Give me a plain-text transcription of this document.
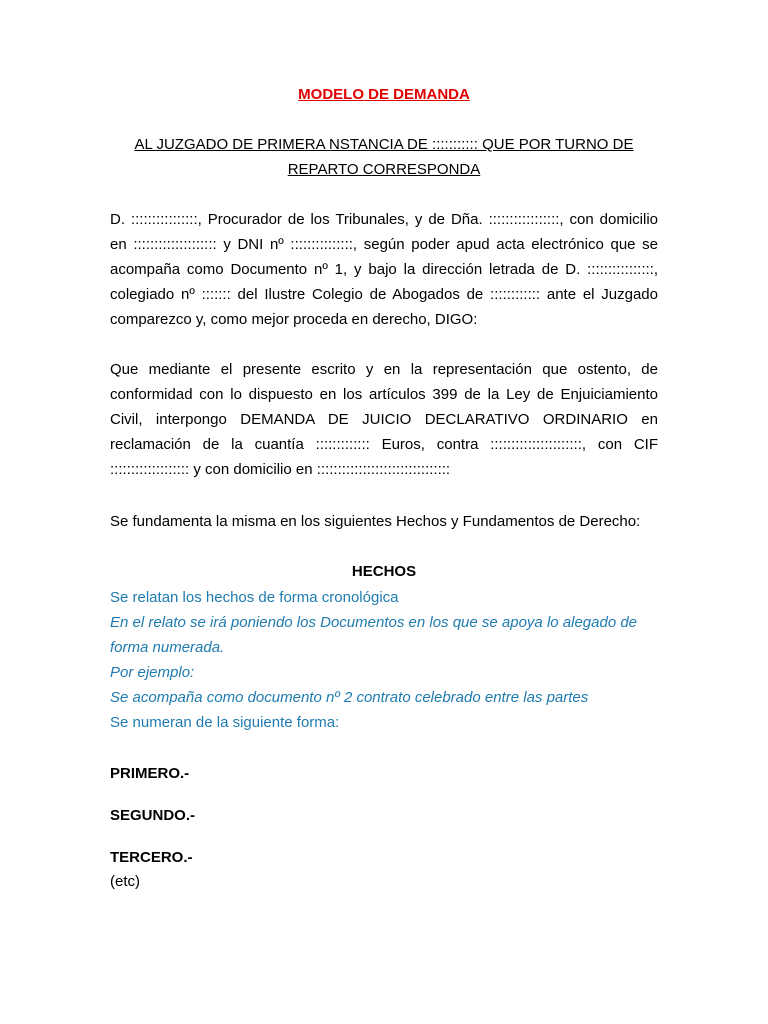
MODELO DE DEMANDA
AL JUZGADO DE PRIMERA NSTANCIA DE ::::::::::: QUE POR TURNO DE REPARTO CORRESPONDA

D. ::::::::::::::::, Procurador de los Tribunales, y de Dña. :::::::::::::::::, con domicilio en :::::::::::::::::::: y DNI nº :::::::::::::::, según poder apud acta electrónico que se acompaña como Documento nº 1, y bajo la dirección letrada de D. ::::::::::::::::, colegiado nº ::::::: del Ilustre Colegio de Abogados de :::::::::::: ante el Juzgado comparezco y, como mejor proceda en derecho, DIGO:

Que mediante el presente escrito y en la representación que ostento, de conformidad con lo dispuesto en los artículos 399 de la Ley de Enjuiciamiento Civil, interpongo DEMANDA DE JUICIO DECLARATIVO ORDINARIO en reclamación de la cuantía ::::::::::::: Euros, contra ::::::::::::::::::::::, con CIF ::::::::::::::::::: y con domicilio en ::::::::::::::::::::::::::::::::

Se fundamenta la misma en los siguientes Hechos y Fundamentos de Derecho:

HECHOS
Se relatan los hechos de forma cronológica
En el relato se irá poniendo los Documentos en los que se apoya lo alegado de forma numerada.
Por ejemplo:
Se acompaña como documento nº 2 contrato celebrado entre las partes
Se numeran de la siguiente forma:
PRIMERO.-
SEGUNDO.-
TERCERO.-
(etc)
